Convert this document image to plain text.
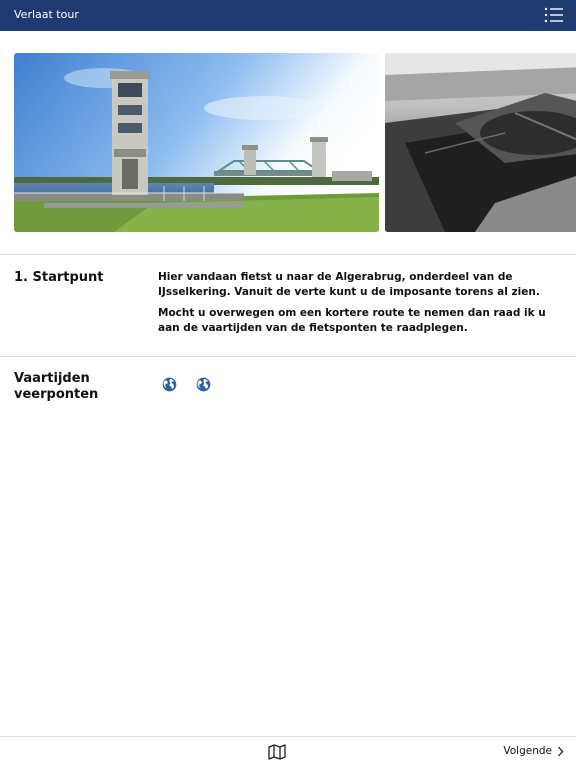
Verlaat tour
1. Startpunt	Hier vandaan fietst u naar de Algerabrug, onderdeel van de IJsselkering. Vanuit de verte kunt u de imposante torens al zien.

Mocht u overwegen om een kortere route te nemen dan raad ik u aan de vaartijden van de fietsponten te raadplegen.

Vaartijden
veerponten
Volgende
